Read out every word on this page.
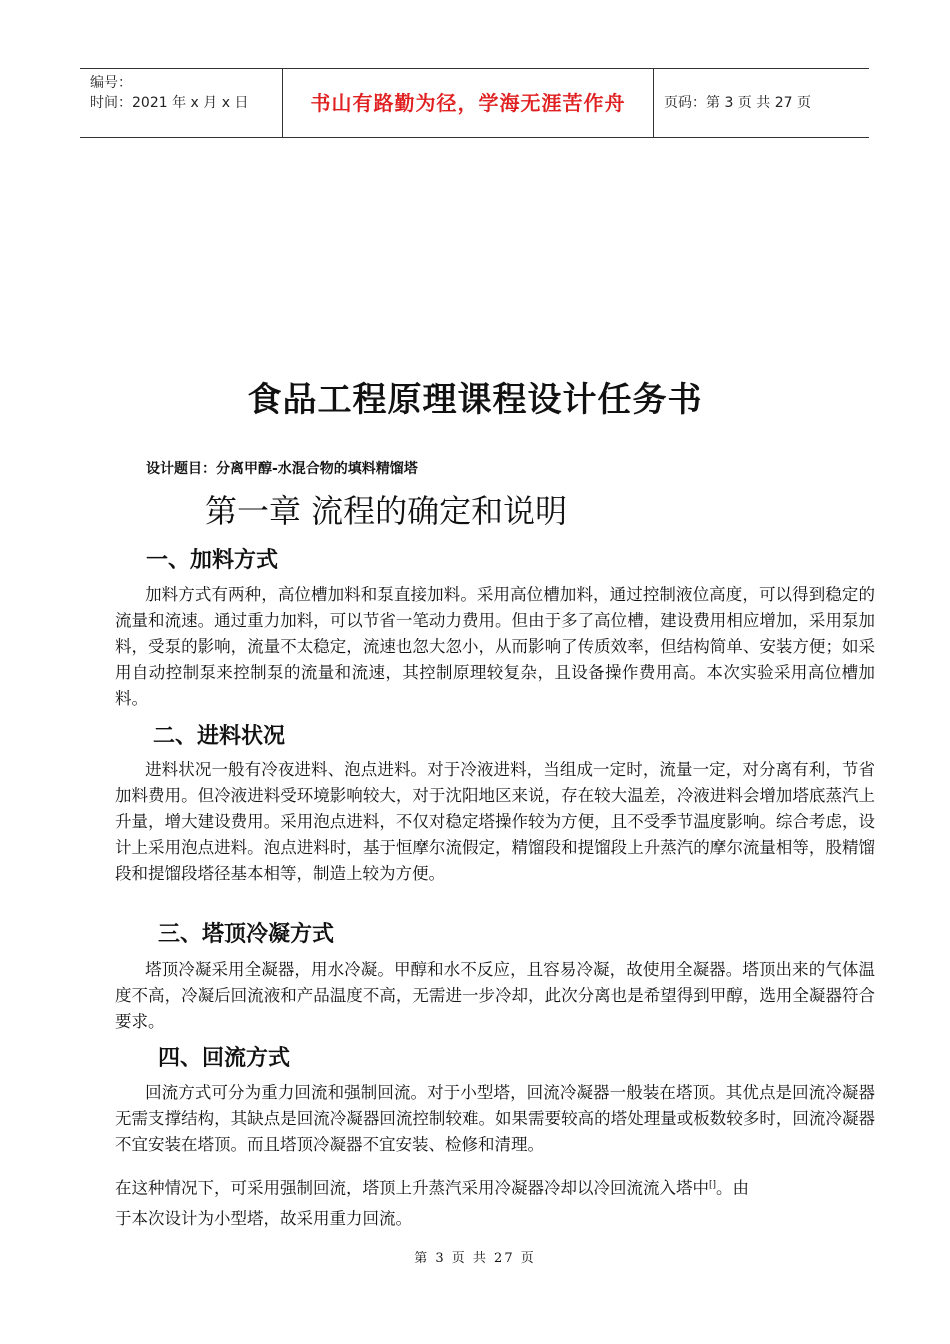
编号：
时间：2021 年 x 月 x 日	书山有路勤为径，学海无涯苦作舟	页码：第 3 页 共 27 页
食品工程原理课程设计任务书
设计题目：分离甲醇-水混合物的填料精馏塔
第一章 流程的确定和说明
一、加料方式
加料方式有两种，高位槽加料和泵直接加料。采用高位槽加料，通过控制液位高度，可以得到稳定的流量和流速。通过重力加料，可以节省一笔动力费用。但由于多了高位槽，建设费用相应增加，采用泵加料，受泵的影响，流量不太稳定，流速也忽大忽小，从而影响了传质效率，但结构简单、安装方便；如采用自动控制泵来控制泵的流量和流速，其控制原理较复杂，且设备操作费用高。本次实验采用高位槽加料。
二、进料状况
进料状况一般有冷夜进料、泡点进料。对于冷液进料，当组成一定时，流量一定，对分离有利，节省加料费用。但冷液进料受环境影响较大，对于沈阳地区来说，存在较大温差，冷液进料会增加塔底蒸汽上升量，增大建设费用。采用泡点进料，不仅对稳定塔操作较为方便，且不受季节温度影响。综合考虑，设计上采用泡点进料。泡点进料时，基于恒摩尔流假定，精馏段和提馏段上升蒸汽的摩尔流量相等，股精馏段和提馏段塔径基本相等，制造上较为方便。
三、塔顶冷凝方式
塔顶冷凝采用全凝器，用水冷凝。甲醇和水不反应，且容易冷凝，故使用全凝器。塔顶出来的气体温度不高，冷凝后回流液和产品温度不高，无需进一步冷却，此次分离也是希望得到甲醇，选用全凝器符合要求。
四、回流方式
回流方式可分为重力回流和强制回流。对于小型塔，回流冷凝器一般装在塔顶。其优点是回流冷凝器无需支撑结构，其缺点是回流冷凝器回流控制较难。如果需要较高的塔处理量或板数较多时，回流冷凝器不宜安装在塔顶。而且塔顶冷凝器不宜安装、检修和清理。
在这种情况下，可采用强制回流，塔顶上升蒸汽采用冷凝器冷却以冷回流流入塔中[]。由
于本次设计为小型塔，故采用重力回流。
第 3 页 共 27 页
